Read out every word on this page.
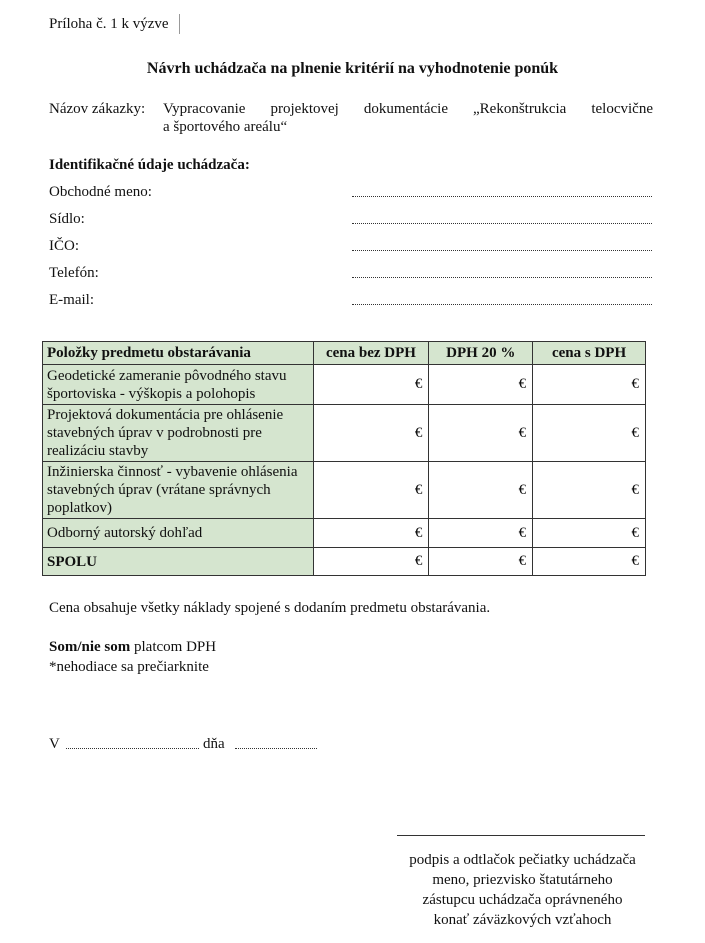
Príloha č. 1 k výzve
Návrh uchádzača na plnenie kritérií na vyhodnotenie ponúk
Názov zákazky: Vypracovanie projektovej dokumentácie „Rekonštrukcia telocvične
a športového areálu“
Identifikačné údaje uchádzača:
Obchodné meno:
Sídlo:
IČO:
Telefón:
E-mail:
Položky predmetu obstarávania	cena bez DPH	DPH 20 %	cena s DPH
Geodetické zameranie pôvodného stavu športoviska - výškopis a polohopis	€	€	€
Projektová dokumentácia pre ohlásenie stavebných úprav v podrobnosti pre realizáciu stavby	€	€	€
Inžinierska činnosť - vybavenie ohlásenia stavebných úprav (vrátane správnych poplatkov)	€	€	€
Odborný autorský dohľad	€	€	€
SPOLU	€	€	€
Cena obsahuje všetky náklady spojené s dodaním predmetu obstarávania.
Som/nie som platcom DPH
*nehodiace sa prečiarknite
V	dňa
podpis a odtlačok pečiatky uchádzača
meno, priezvisko štatutárneho
zástupcu uchádzača oprávneného
konať záväzkových vzťahoch
